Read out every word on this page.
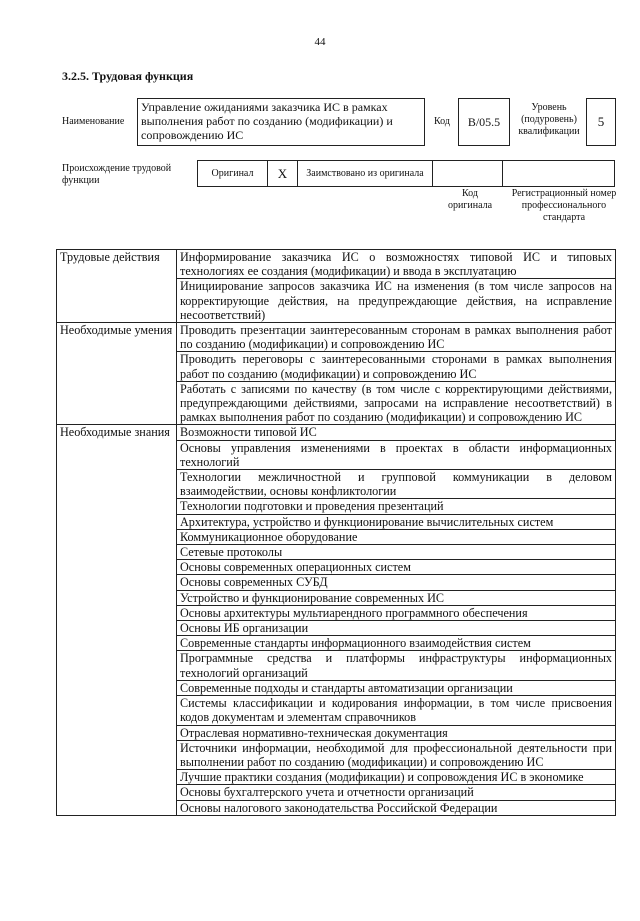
44
3.2.5. Трудовая функция
Наименование
Управление ожиданиями заказчика ИС в рамках выполнения работ по созданию (модификации) и сопровождению ИС
Код	B/05.5
Уровень (подуровень) квалификации
5
Происхождение трудовой функции
Оригинал	X	Заимствовано из оригинала
Код оригинала
Регистрационный номер профессионального стандарта
Трудовые действия	Информирование заказчика ИС о возможностях типовой ИС и типовых технологиях ее создания (модификации) и ввода в эксплуатацию
	Инициирование запросов заказчика ИС на изменения (в том числе запросов на корректирующие действия, на предупреждающие действия, на исправление несоответствий)
Необходимые умения	Проводить презентации заинтересованным сторонам в рамках выполнения работ по созданию (модификации) и сопровождению ИС
	Проводить переговоры с заинтересованными сторонами в рамках выполнения работ по созданию (модификации) и сопровождению ИС
	Работать с записями по качеству (в том числе с корректирующими действиями, предупреждающими действиями, запросами на исправление несоответствий) в рамках выполнения работ по созданию (модификации) и сопровождению ИС
Необходимые знания	Возможности типовой ИС
	Основы управления изменениями в проектах в области информационных технологий
	Технологии межличностной и групповой коммуникации в деловом взаимодействии, основы конфликтологии
	Технологии подготовки и проведения презентаций
	Архитектура, устройство и функционирование вычислительных систем
	Коммуникационное оборудование
	Сетевые протоколы
	Основы современных операционных систем
	Основы современных СУБД
	Устройство и функционирование современных ИС
	Основы архитектуры мультиарендного программного обеспечения
	Основы ИБ организации
	Современные стандарты информационного взаимодействия систем
	Программные средства и платформы инфраструктуры информационных технологий организаций
	Современные подходы и стандарты автоматизации организации
	Системы классификации и кодирования информации, в том числе присвоения кодов документам и элементам справочников
	Отраслевая нормативно-техническая документация
	Источники информации, необходимой для профессиональной деятельности при выполнении работ по созданию (модификации) и сопровождению ИС
	Лучшие практики создания (модификации) и сопровождения ИС в экономике
	Основы бухгалтерского учета и отчетности организаций
	Основы налогового законодательства Российской Федерации
